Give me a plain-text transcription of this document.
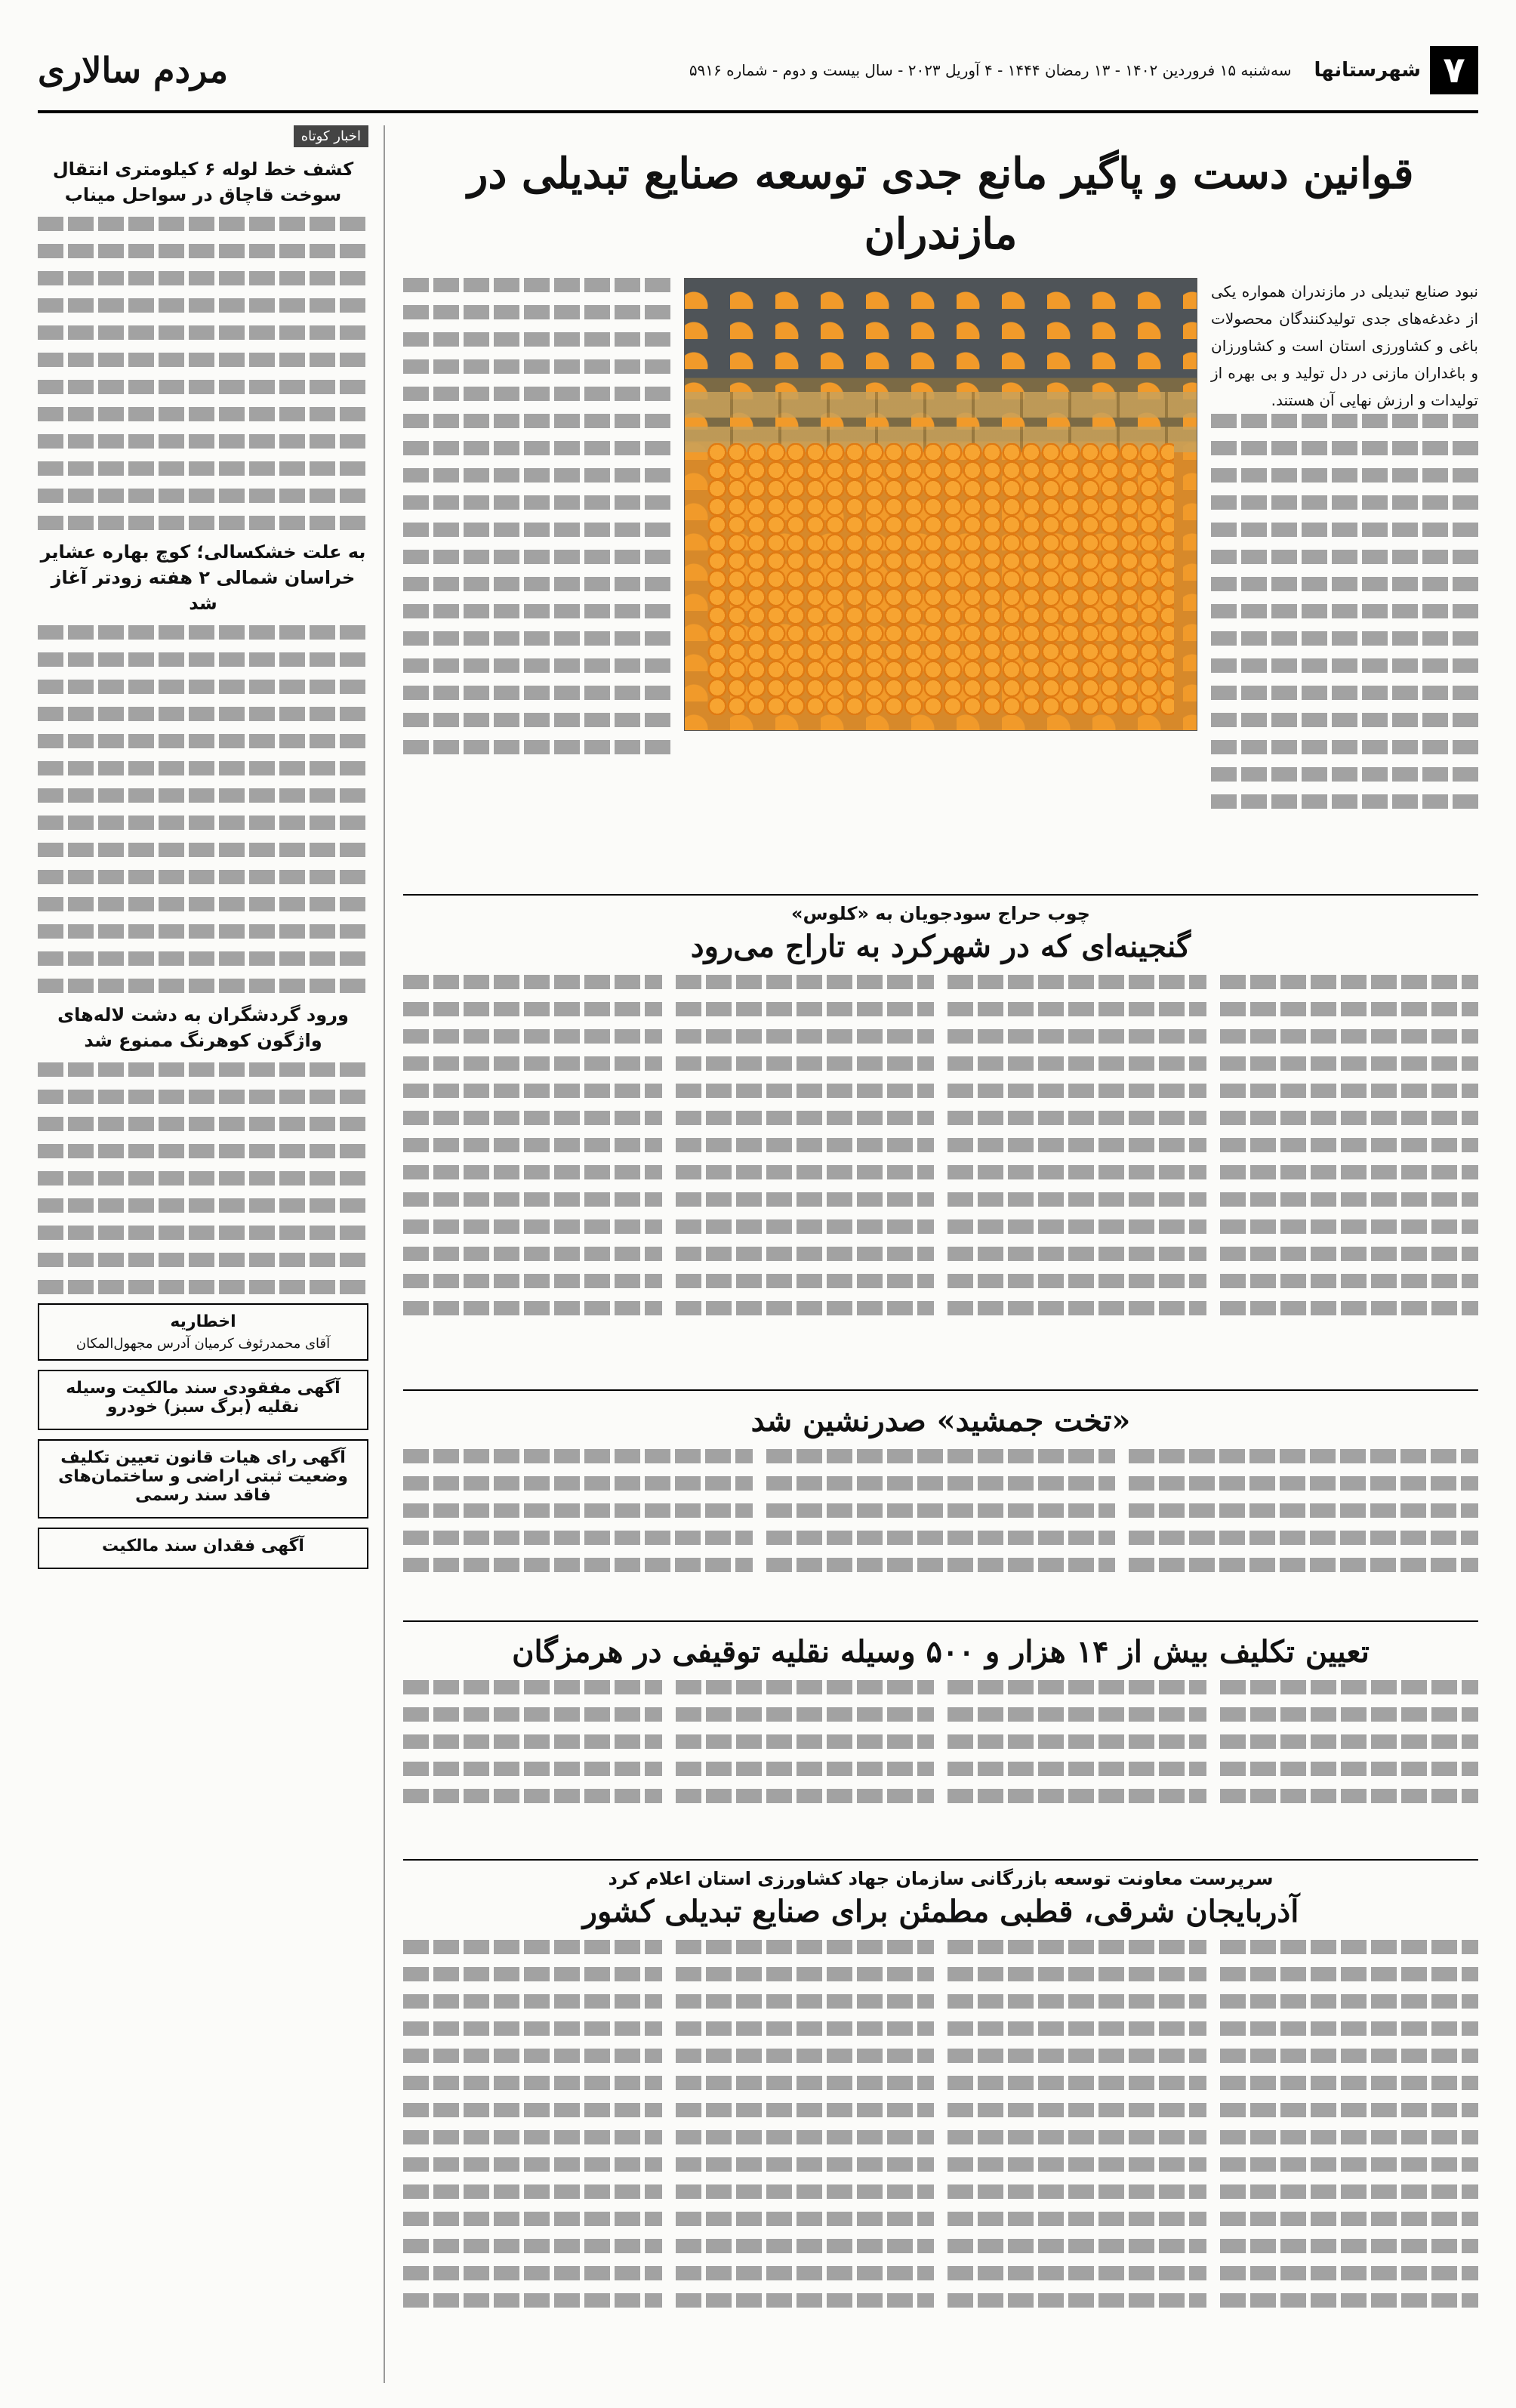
۷
شهرستانها
سه‌شنبه ۱۵ فروردین ۱۴۰۲ - ۱۳ رمضان ۱۴۴۴ - ۴ آوریل ۲۰۲۳ - سال بیست و دوم - شماره ۵۹۱۶
مردم سالاری
قوانین دست و پاگیر مانع جدی توسعه صنایع تبدیلی در مازندران

نبود صنایع تبدیلی در مازندران همواره یکی از دغدغه‌های جدی تولیدکنندگان محصولات باغی و کشاورزی استان است و کشاورزان و باغداران مازنی در دل تولید و بی بهره از تولیدات و ارزش نهایی آن هستند.

چوب حراج سودجویان به «کلوس»
گنجینه‌ای که در شهرکرد به تاراج می‌رود
«تخت جمشید» صدرنشین شد
تعیین تکلیف بیش از ۱۴ هزار و ۵۰۰ وسیله نقلیه توقیفی در هرمزگان
سرپرست معاونت توسعه بازرگانی سازمان جهاد کشاورزی استان اعلام کرد
آذربایجان شرقی، قطبی مطمئن برای صنایع تبدیلی کشور
اخبار کوتاه
کشف خط لوله ۶ کیلومتری انتقال سوخت قاچاق در سواحل میناب
به علت خشکسالی؛ کوچ بهاره عشایر خراسان شمالی ۲ هفته زودتر آغاز شد
ورود گردشگران به دشت لاله‌های واژگون کوهرنگ ممنوع شد
اخطاریه

آقای محمدرئوف کرمیان آدرس مجهول‌المکان

آگهی مفقودی سند مالکیت وسیله نقلیه (برگ سبز) خودرو
آگهی رای هیات قانون تعیین تکلیف وضعیت ثبتی اراضی و ساختمان‌های فاقد سند رسمی
آگهی فقدان سند مالکیت
